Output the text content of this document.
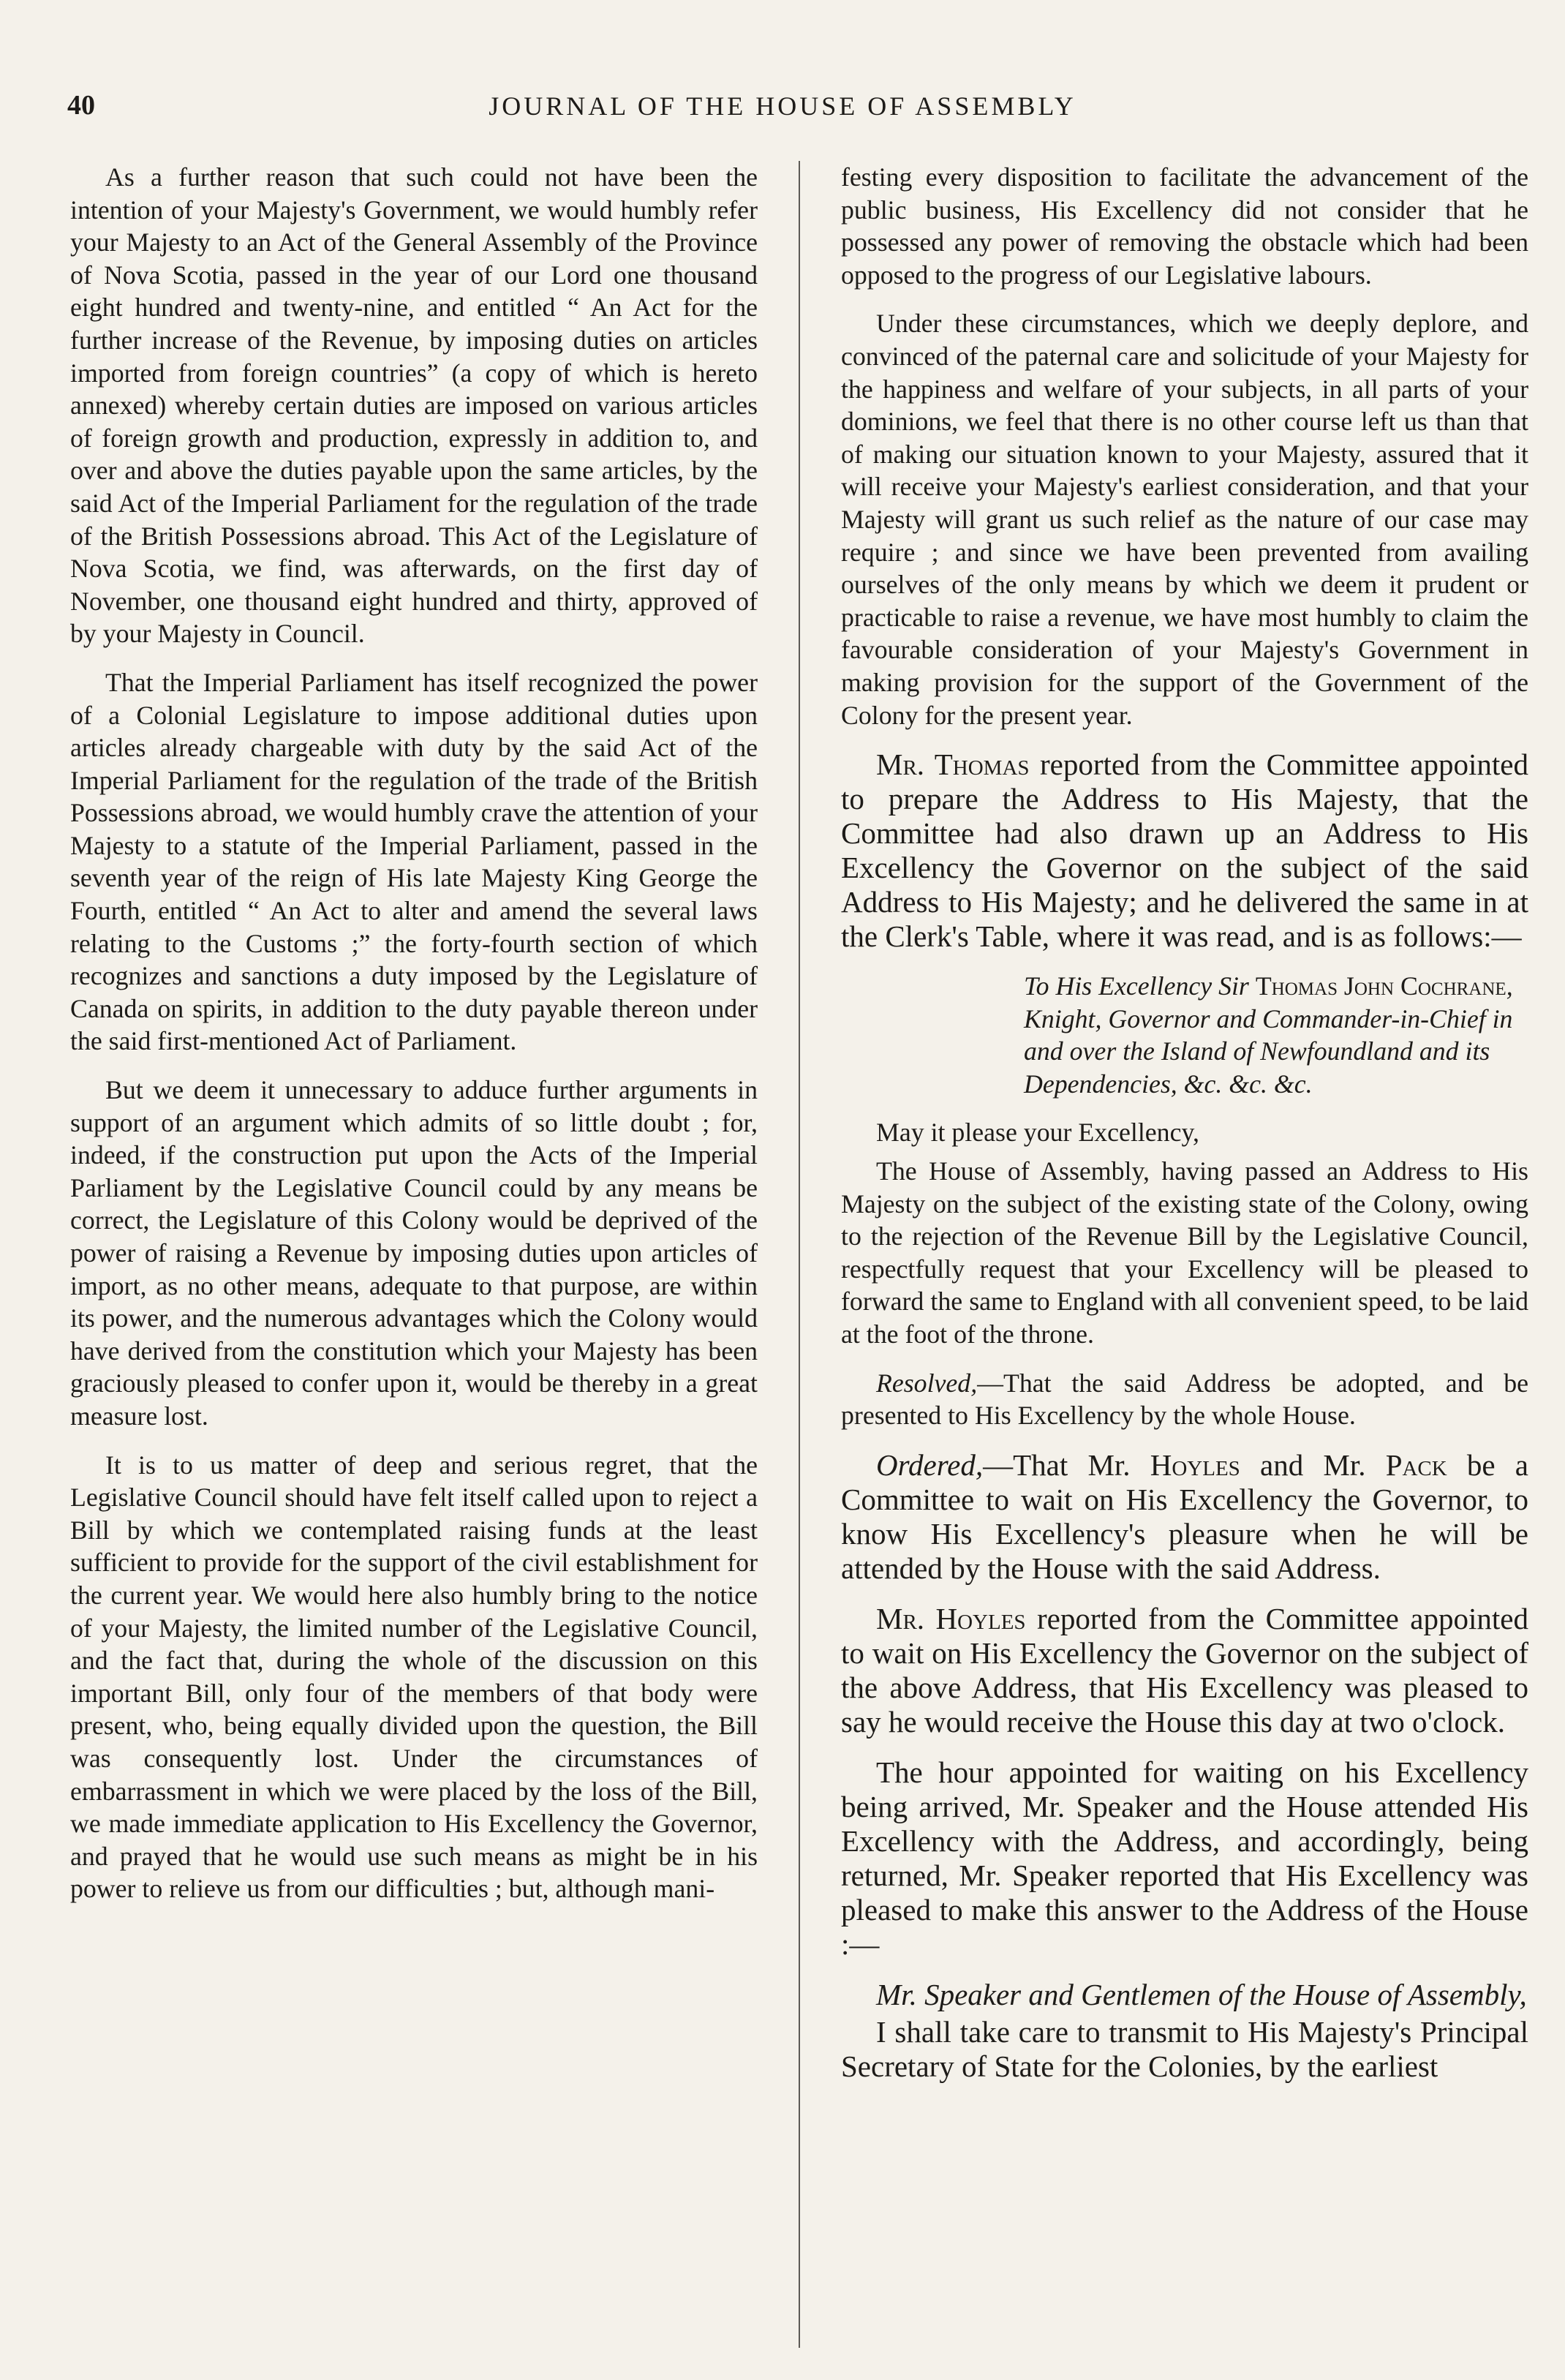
40	JOURNAL OF THE HOUSE OF ASSEMBLY

As a further reason that such could not have been the intention of your Majesty's Government, we would humbly refer your Majesty to an Act of the General Assembly of the Province of Nova Scotia, passed in the year of our Lord one thousand eight hundred and twenty-nine, and entitled “ An Act for the further increase of the Revenue, by imposing duties on articles imported from foreign countries” (a copy of which is hereto annexed) whereby certain duties are imposed on various articles of foreign growth and production, expressly in addition to, and over and above the duties payable upon the same articles, by the said Act of the Imperial Parliament for the regulation of the trade of the British Possessions abroad. This Act of the Legislature of Nova Scotia, we find, was afterwards, on the first day of November, one thousand eight hundred and thirty, approved of by your Majesty in Council.

That the Imperial Parliament has itself recognized the power of a Colonial Legislature to impose additional duties upon articles already chargeable with duty by the said Act of the Imperial Parliament for the regulation of the trade of the British Possessions abroad, we would humbly crave the attention of your Majesty to a statute of the Imperial Parliament, passed in the seventh year of the reign of His late Majesty King George the Fourth, entitled “ An Act to alter and amend the several laws relating to the Customs ;” the forty-fourth section of which recognizes and sanctions a duty imposed by the Legislature of Canada on spirits, in addition to the duty payable thereon under the said first-mentioned Act of Parliament.

But we deem it unnecessary to adduce further arguments in support of an argument which admits of so little doubt ; for, indeed, if the construction put upon the Acts of the Imperial Parliament by the Legislative Council could by any means be correct, the Legislature of this Colony would be deprived of the power of raising a Revenue by imposing duties upon articles of import, as no other means, adequate to that purpose, are within its power, and the numerous advantages which the Colony would have derived from the constitution which your Majesty has been graciously pleased to confer upon it, would be thereby in a great measure lost.

It is to us matter of deep and serious regret, that the Legislative Council should have felt itself called upon to reject a Bill by which we contemplated raising funds at the least sufficient to provide for the support of the civil establishment for the current year. We would here also humbly bring to the notice of your Majesty, the limited number of the Legislative Council, and the fact that, during the whole of the discussion on this important Bill, only four of the members of that body were present, who, being equally divided upon the question, the Bill was consequently lost. Under the circumstances of embarrassment in which we were placed by the loss of the Bill, we made immediate application to His Excellency the Governor, and prayed that he would use such means as might be in his power to relieve us from our difficulties ; but, although mani-

festing every disposition to facilitate the advancement of the public business, His Excellency did not consider that he possessed any power of removing the obstacle which had been opposed to the progress of our Legislative labours.

Under these circumstances, which we deeply deplore, and convinced of the paternal care and solicitude of your Majesty for the happiness and welfare of your subjects, in all parts of your dominions, we feel that there is no other course left us than that of making our situation known to your Majesty, assured that it will receive your Majesty's earliest consideration, and that your Majesty will grant us such relief as the nature of our case may require ; and since we have been prevented from availing ourselves of the only means by which we deem it prudent or practicable to raise a revenue, we have most humbly to claim the favourable consideration of your Majesty's Government in making provision for the support of the Government of the Colony for the present year.

Mr. Thomas reported from the Committee appointed to prepare the Address to His Majesty, that the Committee had also drawn up an Address to His Excellency the Governor on the subject of the said Address to His Majesty; and he delivered the same in at the Clerk's Table, where it was read, and is as follows:—

To His Excellency Sir Thomas John Cochrane, Knight, Governor and Commander-in-Chief in and over the Island of Newfoundland and its Dependencies, &c. &c. &c.

May it please your Excellency,

The House of Assembly, having passed an Address to His Majesty on the subject of the existing state of the Colony, owing to the rejection of the Revenue Bill by the Legislative Council, respectfully request that your Excellency will be pleased to forward the same to England with all convenient speed, to be laid at the foot of the throne.

Resolved,—That the said Address be adopted, and be presented to His Excellency by the whole House.

Ordered,—That Mr. Hoyles and Mr. Pack be a Committee to wait on His Excellency the Governor, to know His Excellency's pleasure when he will be attended by the House with the said Address.

Mr. Hoyles reported from the Committee appointed to wait on His Excellency the Governor on the subject of the above Address, that His Excellency was pleased to say he would receive the House this day at two o'clock.

The hour appointed for waiting on his Excellency being arrived, Mr. Speaker and the House attended His Excellency with the Address, and accordingly, being returned, Mr. Speaker reported that His Excellency was pleased to make this answer to the Address of the House :—

Mr. Speaker and Gentlemen of the House of Assembly,

I shall take care to transmit to His Majesty's Principal Secretary of State for the Colonies, by the earliest
